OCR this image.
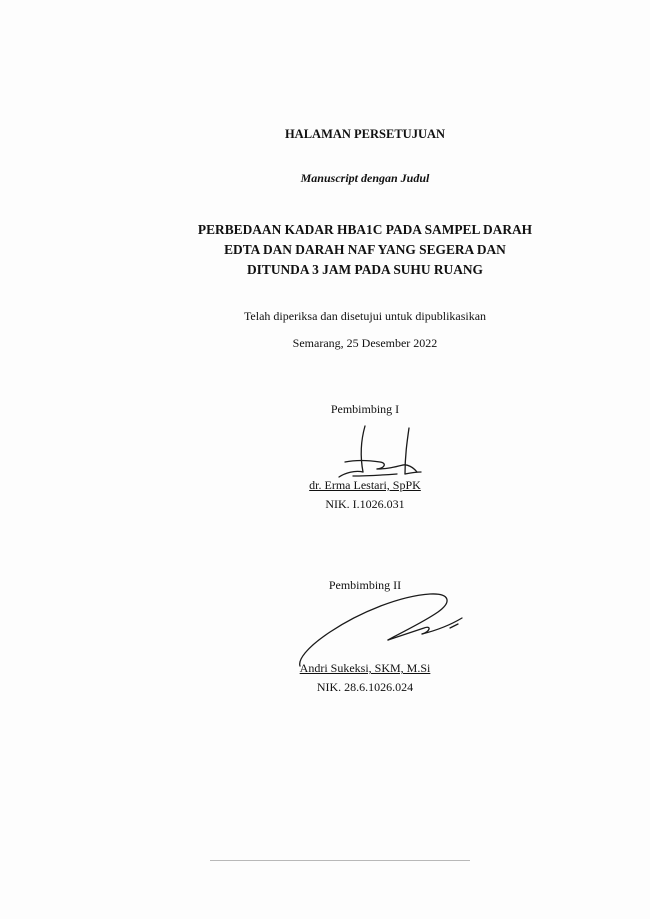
HALAMAN PERSETUJUAN
Manuscript dengan Judul
PERBEDAAN KADAR HBA1C PADA SAMPEL DARAH
EDTA DAN DARAH NAF YANG SEGERA DAN
DITUNDA 3 JAM PADA SUHU RUANG
Telah diperiksa dan disetujui untuk dipublikasikan
Semarang, 25 Desember 2022
Pembimbing I
dr. Erma Lestari, SpPK
NIK. I.1026.031
Pembimbing II
Andri Sukeksi, SKM, M.Si
NIK. 28.6.1026.024
